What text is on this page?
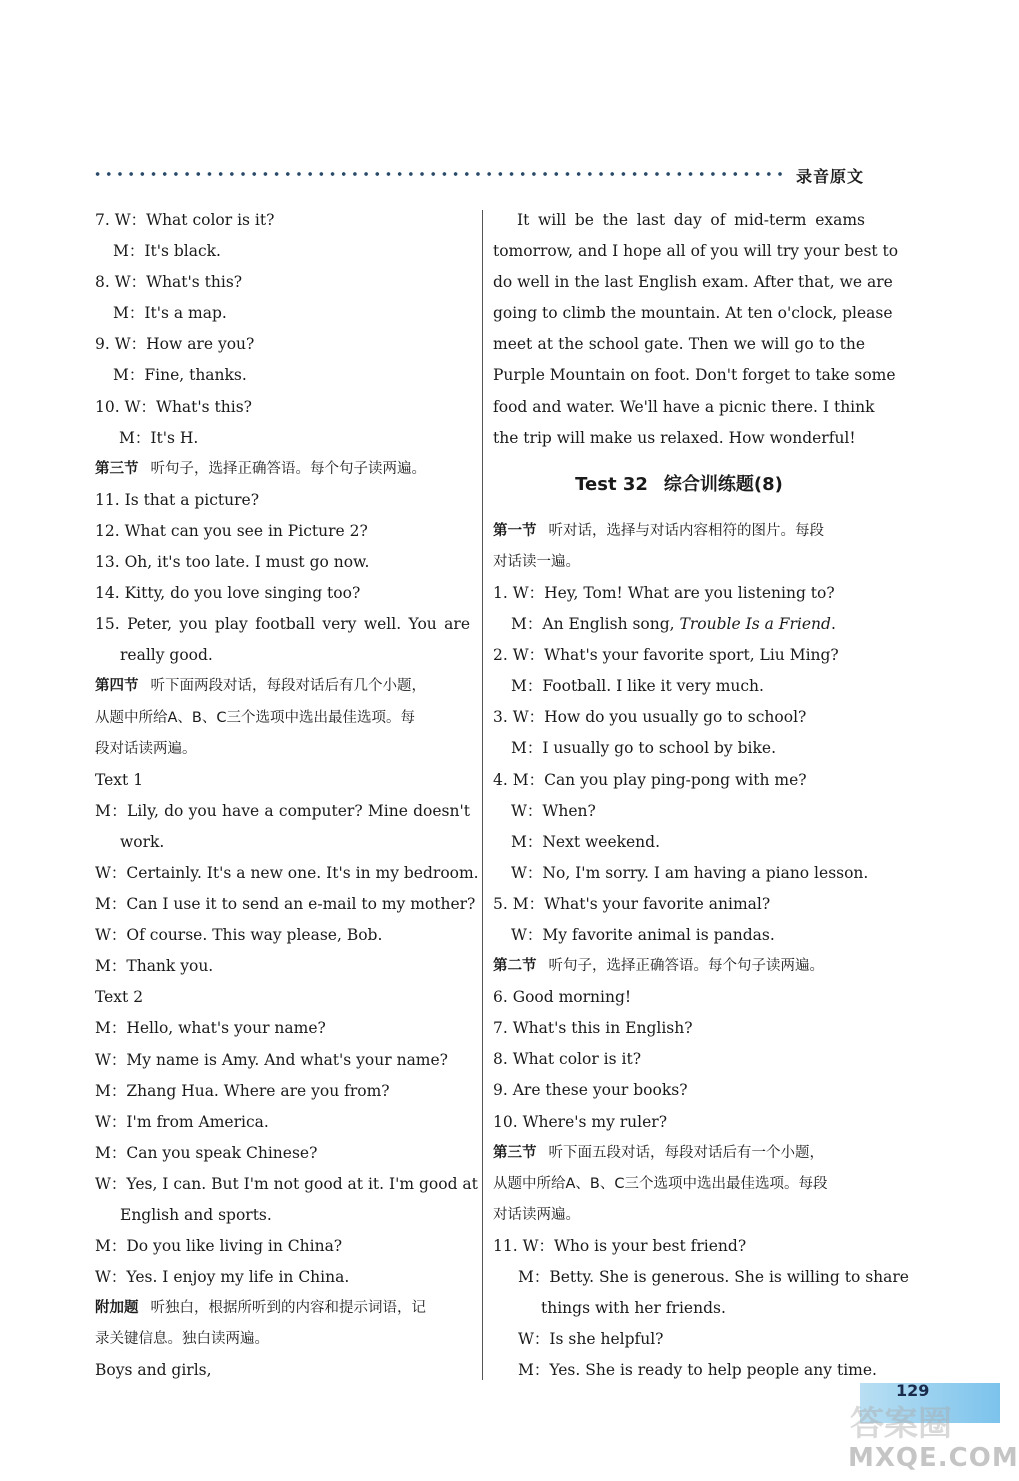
录音原文
7. W：What color is it?
M：It's black.
8. W：What's this?
M：It's a map.
9. W：How are you?
M：Fine, thanks.
10. W：What's this?
M：It's H.
第三节 听句子，选择正确答语。每个句子读两遍。
11. Is that a picture?
12. What can you see in Picture 2?
13. Oh, it's too late. I must go now.
14. Kitty, do you love singing too?
15. Peter, you play football very well. You are
really good.
第四节 听下面两段对话，每段对话后有几个小题，
从题中所给A、B、C三个选项中选出最佳选项。每
段对话读两遍。
Text 1
M：Lily, do you have a computer? Mine doesn't
work.
W：Certainly. It's a new one. It's in my bedroom.
M：Can I use it to send an e-mail to my mother?
W：Of course. This way please, Bob.
M：Thank you.
Text 2
M：Hello, what's your name?
W：My name is Amy. And what's your name?
M：Zhang Hua. Where are you from?
W：I'm from America.
M：Can you speak Chinese?
W：Yes, I can. But I'm not good at it. I'm good at
English and sports.
M：Do you like living in China?
W：Yes. I enjoy my life in China.
附加题 听独白，根据所听到的内容和提示词语，记
录关键信息。独白读两遍。
Boys and girls,
It will be the last day of mid-term exams
tomorrow, and I hope all of you will try your best to
do well in the last English exam. After that, we are
going to climb the mountain. At ten o'clock, please
meet at the school gate. Then we will go to the
Purple Mountain on foot. Don't forget to take some
food and water. We'll have a picnic there. I think
the trip will make us relaxed. How wonderful!
Test 32 综合训练题(8)
第一节 听对话，选择与对话内容相符的图片。每段
对话读一遍。
1. W：Hey, Tom! What are you listening to?
M：An English song, Trouble Is a Friend.
2. W：What's your favorite sport, Liu Ming?
M：Football. I like it very much.
3. W：How do you usually go to school?
M：I usually go to school by bike.
4. M：Can you play ping-pong with me?
W：When?
M：Next weekend.
W：No, I'm sorry. I am having a piano lesson.
5. M：What's your favorite animal?
W：My favorite animal is pandas.
第二节 听句子，选择正确答语。每个句子读两遍。
6. Good morning!
7. What's this in English?
8. What color is it?
9. Are these your books?
10. Where's my ruler?
第三节 听下面五段对话，每段对话后有一个小题，
从题中所给A、B、C三个选项中选出最佳选项。每段
对话读两遍。
11. W：Who is your best friend?
M：Betty. She is generous. She is willing to share
things with her friends.
W：Is she helpful?
M：Yes. She is ready to help people any time.
129
答案圈
MXQE.COM
